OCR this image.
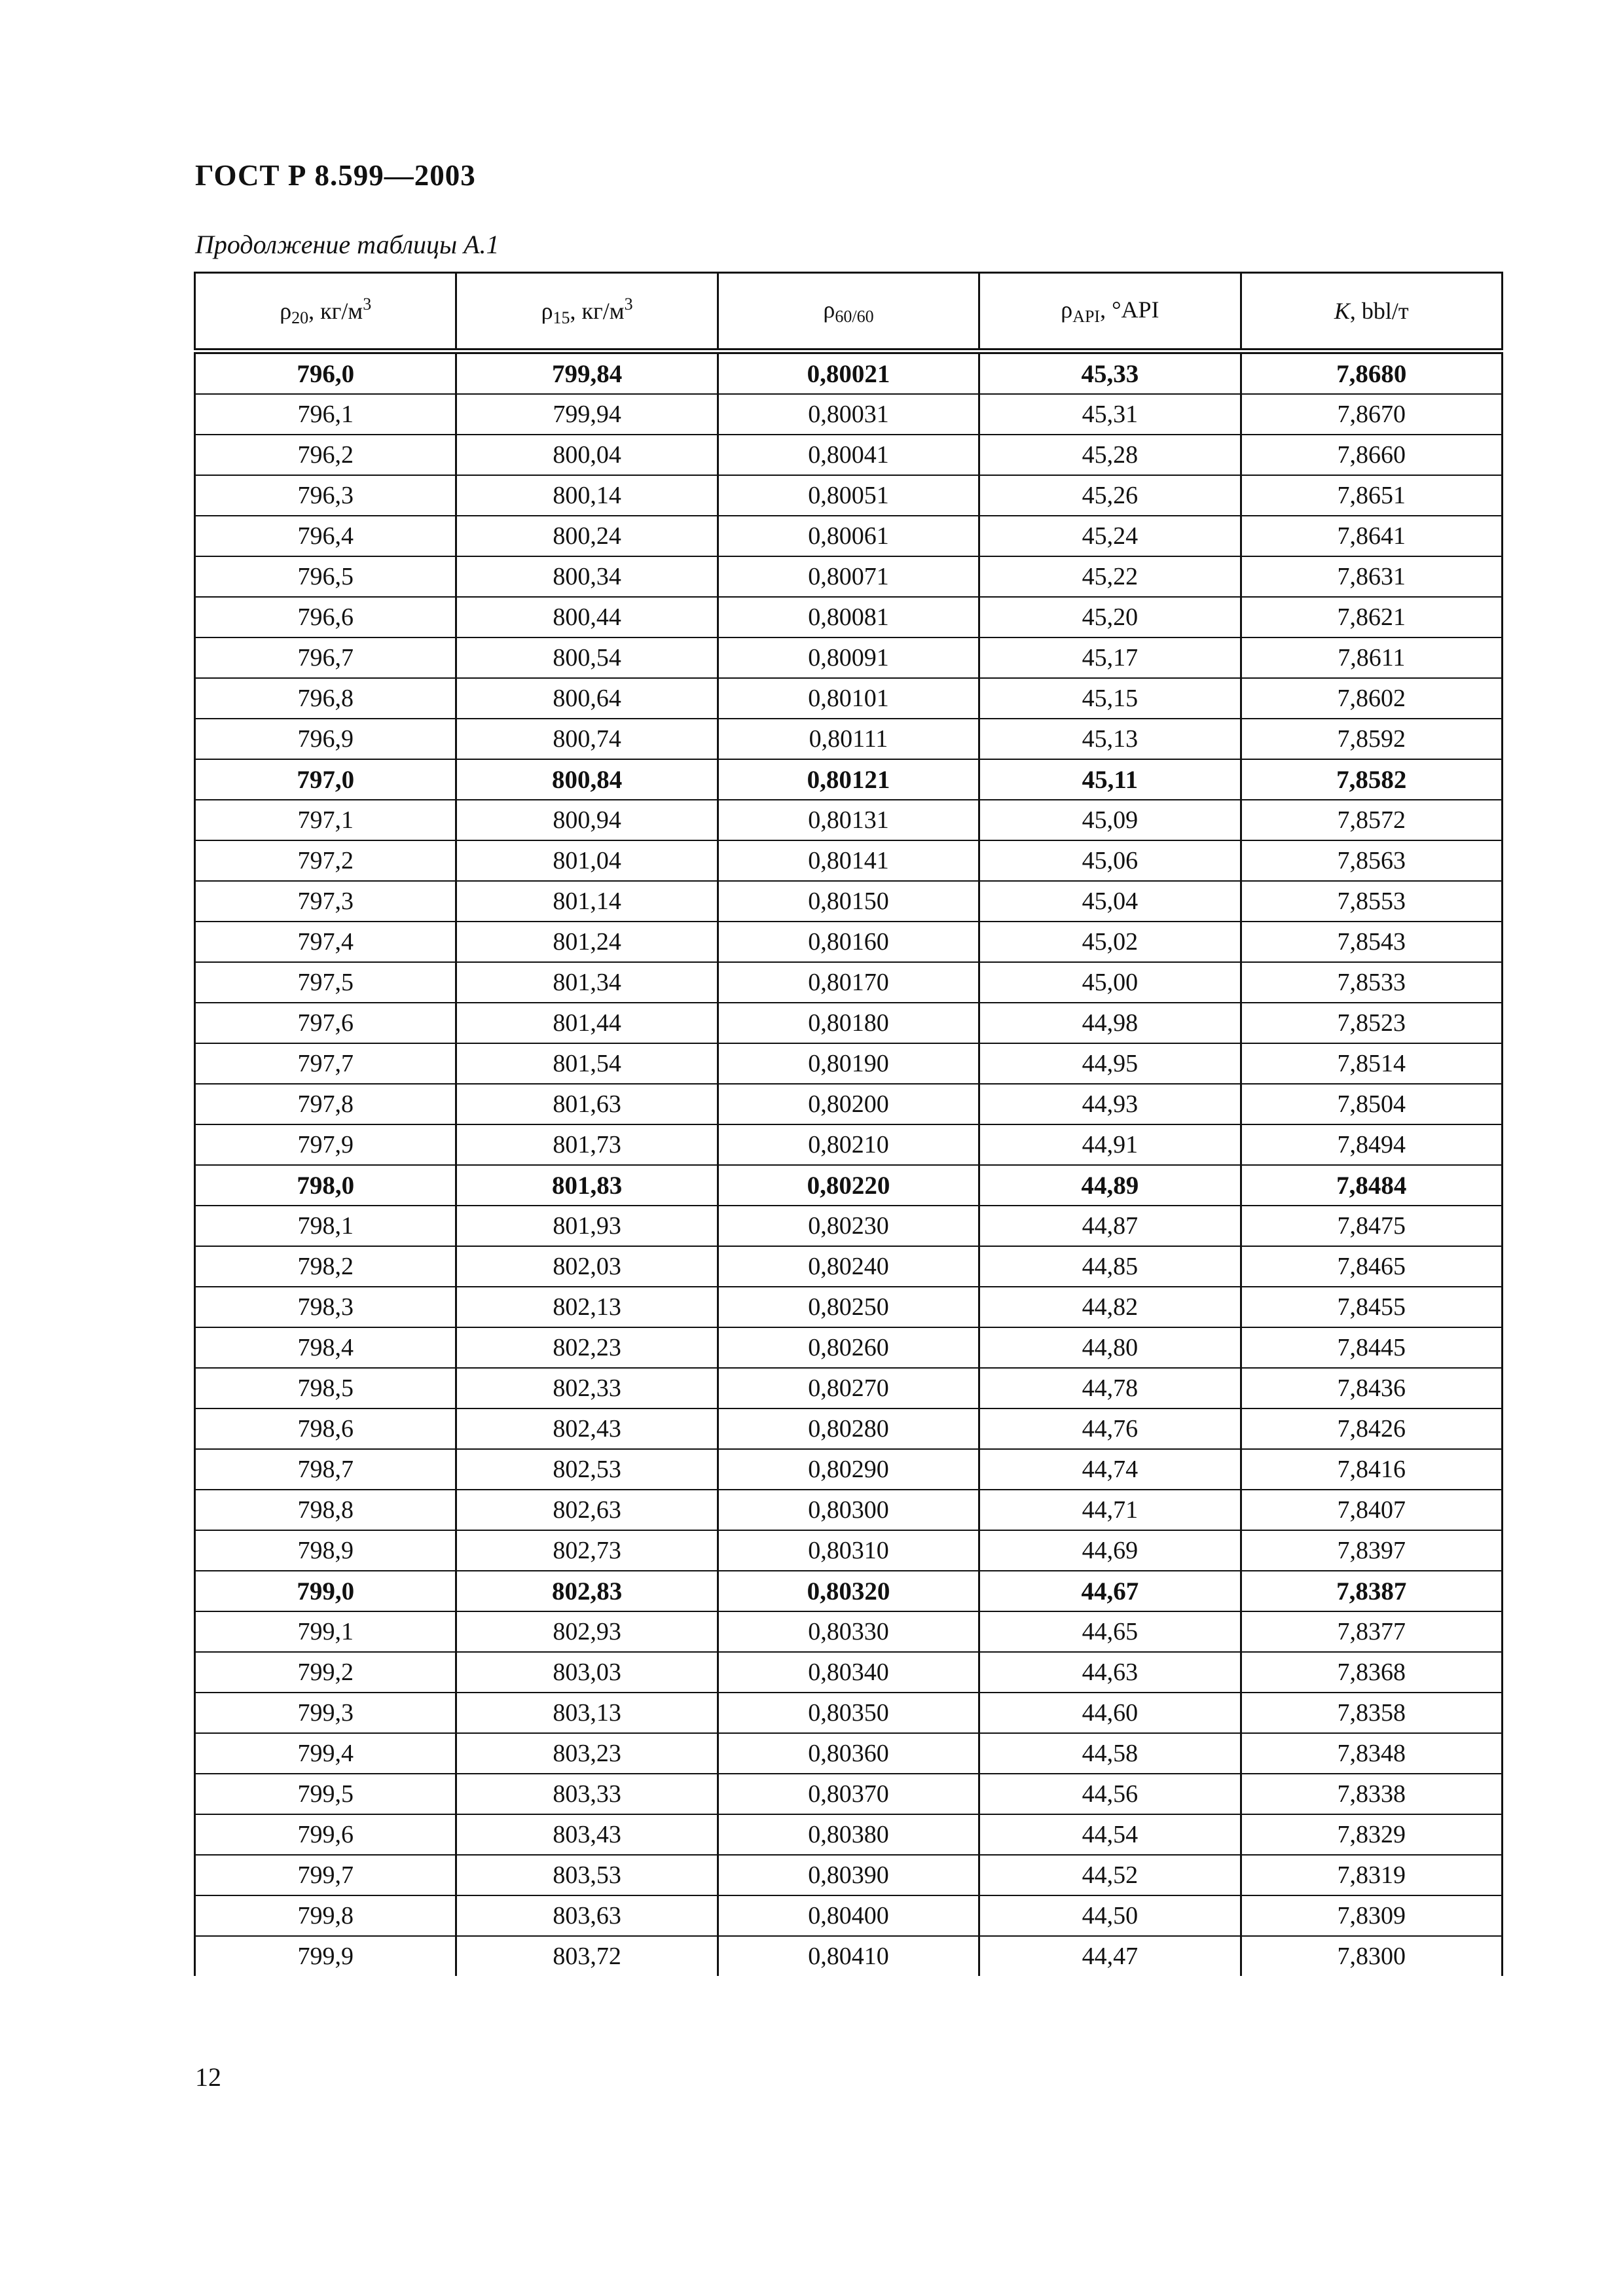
ГОСТ Р 8.599—2003
Продолжение таблицы А.1
$\rho_{20}$, $кг/м^3$	$\rho_{15}$, $кг/м^3$	$\rho_{60/60}$	$\rho_{API}$, °API	K, bbl/т
796,0	799,84	0,80021	45,33	7,8680
796,1	799,94	0,80031	45,31	7,8670
796,2	800,04	0,80041	45,28	7,8660
796,3	800,14	0,80051	45,26	7,8651
796,4	800,24	0,80061	45,24	7,8641
796,5	800,34	0,80071	45,22	7,8631
796,6	800,44	0,80081	45,20	7,8621
796,7	800,54	0,80091	45,17	7,8611
796,8	800,64	0,80101	45,15	7,8602
796,9	800,74	0,80111	45,13	7,8592
797,0	800,84	0,80121	45,11	7,8582
797,1	800,94	0,80131	45,09	7,8572
797,2	801,04	0,80141	45,06	7,8563
797,3	801,14	0,80150	45,04	7,8553
797,4	801,24	0,80160	45,02	7,8543
797,5	801,34	0,80170	45,00	7,8533
797,6	801,44	0,80180	44,98	7,8523
797,7	801,54	0,80190	44,95	7,8514
797,8	801,63	0,80200	44,93	7,8504
797,9	801,73	0,80210	44,91	7,8494
798,0	801,83	0,80220	44,89	7,8484
798,1	801,93	0,80230	44,87	7,8475
798,2	802,03	0,80240	44,85	7,8465
798,3	802,13	0,80250	44,82	7,8455
798,4	802,23	0,80260	44,80	7,8445
798,5	802,33	0,80270	44,78	7,8436
798,6	802,43	0,80280	44,76	7,8426
798,7	802,53	0,80290	44,74	7,8416
798,8	802,63	0,80300	44,71	7,8407
798,9	802,73	0,80310	44,69	7,8397
799,0	802,83	0,80320	44,67	7,8387
799,1	802,93	0,80330	44,65	7,8377
799,2	803,03	0,80340	44,63	7,8368
799,3	803,13	0,80350	44,60	7,8358
799,4	803,23	0,80360	44,58	7,8348
799,5	803,33	0,80370	44,56	7,8338
799,6	803,43	0,80380	44,54	7,8329
799,7	803,53	0,80390	44,52	7,8319
799,8	803,63	0,80400	44,50	7,8309
799,9	803,72	0,80410	44,47	7,8300
12
